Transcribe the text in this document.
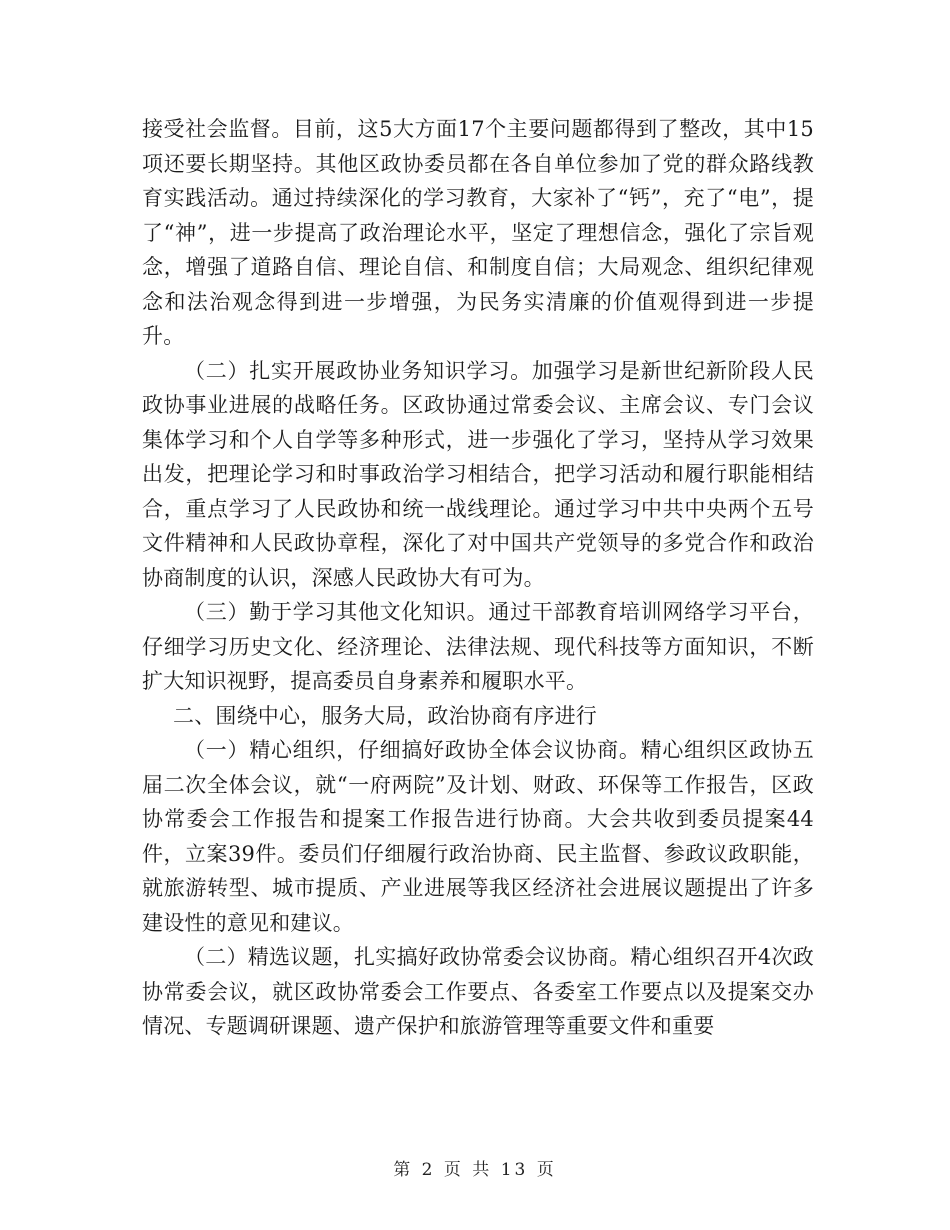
接受社会监督。目前，这5大方面17个主要问题都得到了整改，其中15项还要长期坚持。其他区政协委员都在各自单位参加了党的群众路线教育实践活动。通过持续深化的学习教育，大家补了“钙”，充了“电”，提了“神”，进一步提高了政治理论水平，坚定了理想信念，强化了宗旨观念，增强了道路自信、理论自信、和制度自信；大局观念、组织纪律观念和法治观念得到进一步增强，为民务实清廉的价值观得到进一步提升。

（二）扎实开展政协业务知识学习。加强学习是新世纪新阶段人民政协事业进展的战略任务。区政协通过常委会议、主席会议、专门会议集体学习和个人自学等多种形式，进一步强化了学习，坚持从学习效果出发，把理论学习和时事政治学习相结合，把学习活动和履行职能相结合，重点学习了人民政协和统一战线理论。通过学习中共中央两个五号文件精神和人民政协章程，深化了对中国共产党领导的多党合作和政治协商制度的认识，深感人民政协大有可为。

（三）勤于学习其他文化知识。通过干部教育培训网络学习平台，仔细学习历史文化、经济理论、法律法规、现代科技等方面知识，不断扩大知识视野，提高委员自身素养和履职水平。

二、围绕中心，服务大局，政治协商有序进行

（一）精心组织，仔细搞好政协全体会议协商。精心组织区政协五届二次全体会议，就“一府两院”及计划、财政、环保等工作报告，区政协常委会工作报告和提案工作报告进行协商。大会共收到委员提案44件，立案39件。委员们仔细履行政治协商、民主监督、参政议政职能，就旅游转型、城市提质、产业进展等我区经济社会进展议题提出了许多建设性的意见和建议。

（二）精选议题，扎实搞好政协常委会议协商。精心组织召开4次政协常委会议，就区政协常委会工作要点、各委室工作要点以及提案交办情况、专题调研课题、遗产保护和旅游管理等重要文件和重要

第 2 页 共 13 页
